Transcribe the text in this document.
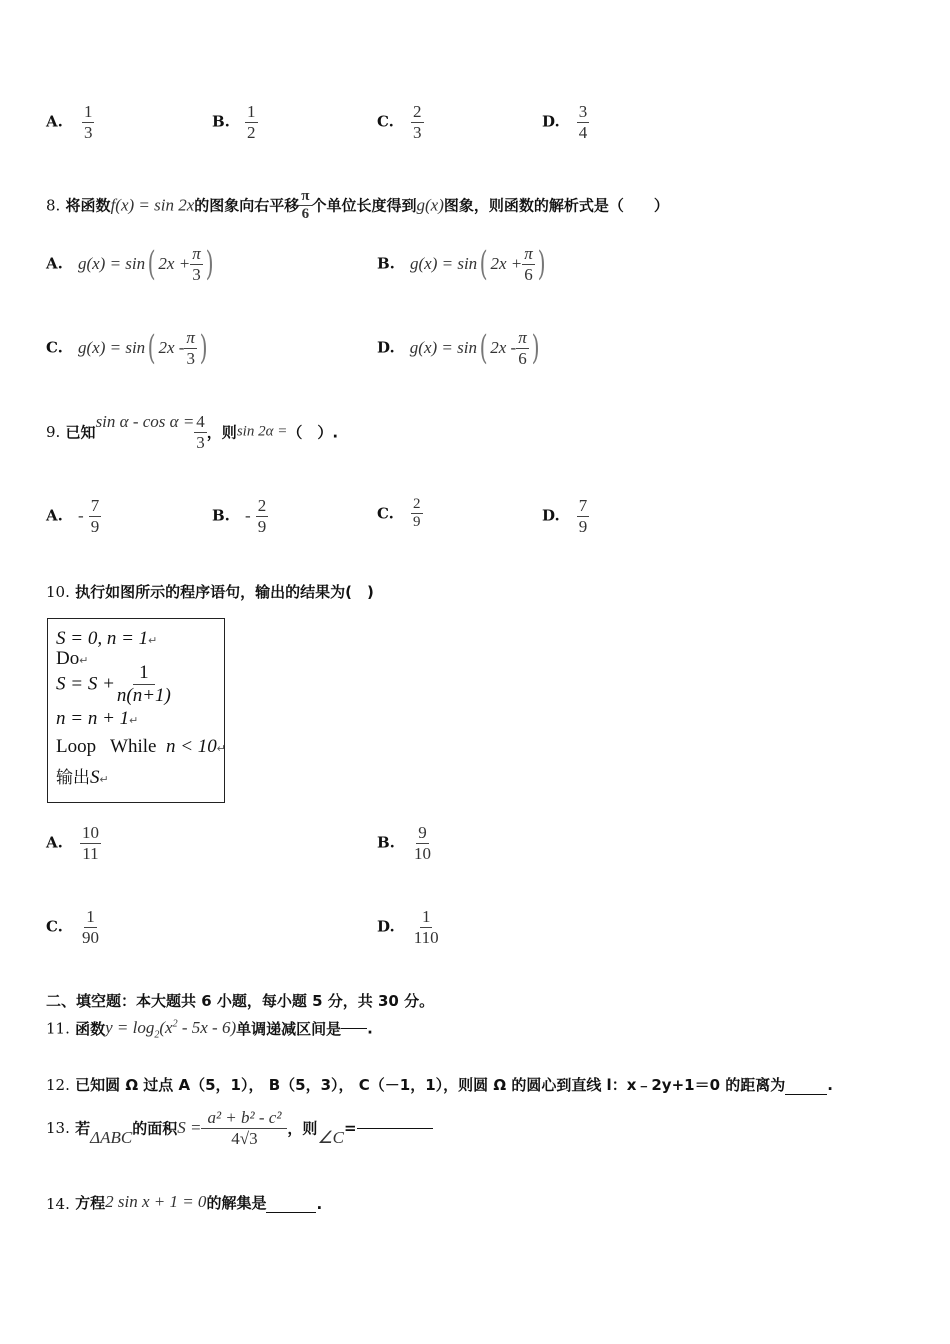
A. $\frac{1}{3}$	B. $\frac{1}{2}$	C. $\frac{2}{3}$	D. $\frac{3}{4}$
8. 将函数f(x) = sin 2x的图象向右平移 $\frac{\pi}{6}$ 个单位长度得到g(x)图象，则函数的解析式是（　　）
A. g(x) = sin( $2x + \frac{\pi}{3}$ )	B. g(x) = sin( $2x + \frac{\pi}{6}$ )
C. g(x) = sin( $2x - \frac{\pi}{3}$ )	D. g(x) = sin( $2x - \frac{\pi}{6}$ )
9. 已知$\sin \alpha - \cos \alpha = \frac{4}{3}$ ，则sin 2α =（　）.
A. - $\frac{7}{9}$	B. - $\frac{2}{9}$	C. $\frac{2}{9}$	D. $\frac{7}{9}$
10. 执行如图所示的程序语句，输出的结果为(　)
S = 0, n = 1↵
Do↵
$S = S + \frac{1}{n(n+1)}$
n = n + 1↵
Loop   While n < 10↵
输出S↵
A. $\frac{10}{11}$	B. $\frac{9}{10}$
C. $\frac{1}{90}$	D. $\frac{1}{110}$
二、填空题：本大题共 6 小题，每小题 5 分，共 30 分。
11. 函数$y = \log_2(x^2 - 5x - 6)$单调递减区间是 .
12. 已知圆 Ω 过点 A（5，1）， B（5，3）， C（－1，1），则圆 Ω 的圆心到直线 l：x﹣2y+1＝0 的距离为	.
13. 若ΔABC的面积$S = \frac{\text{a² + b² - c²}}{4√3}$ ，则∠C=
14. 方程2 sin x + 1 = 0的解集是	.
